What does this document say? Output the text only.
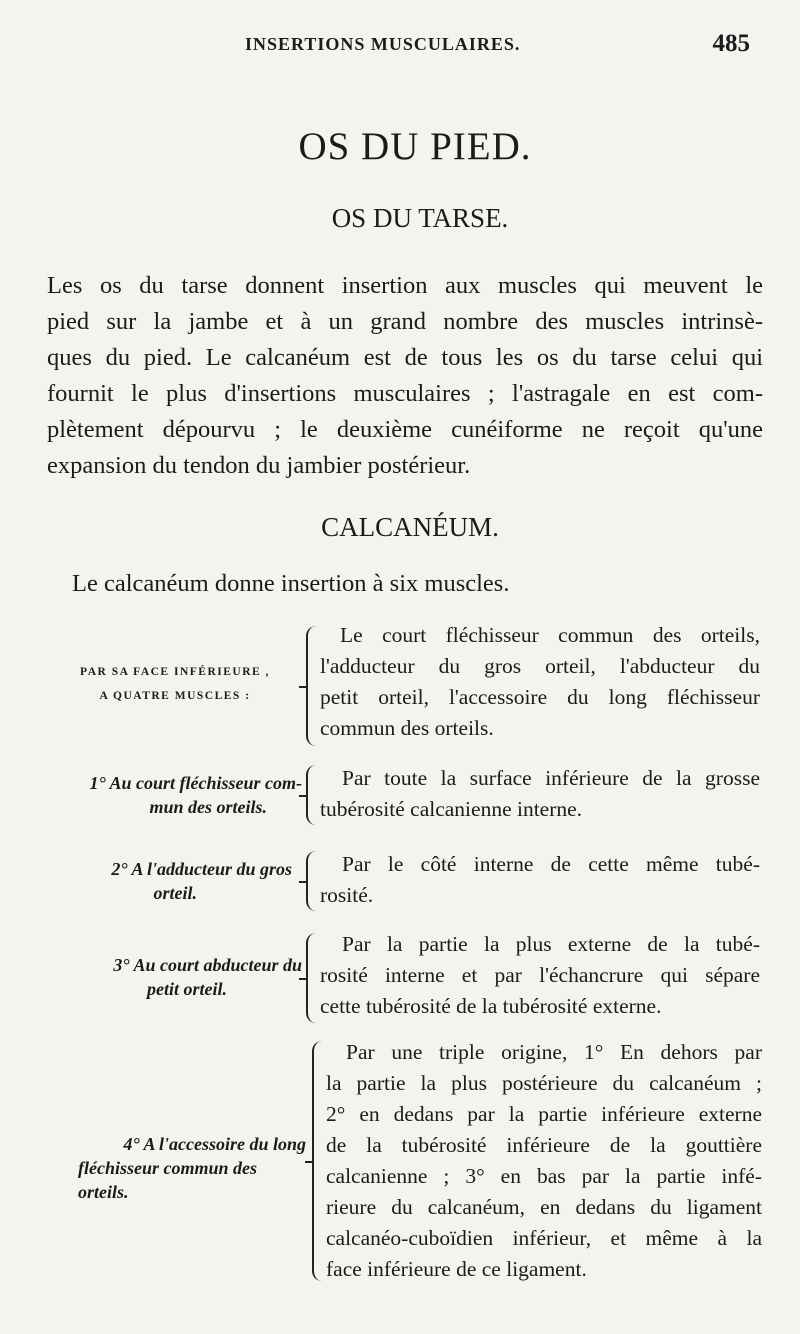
INSERTIONS MUSCULAIRES.	485
OS DU PIED.
OS DU TARSE.
Les os du tarse donnent insertion aux muscles qui meuvent le
pied sur la jambe et à un grand nombre des muscles intrinsè-
ques du pied. Le calcanéum est de tous les os du tarse celui qui
fournit le plus d'insertions musculaires ; l'astragale en est com-
plètement dépourvu ; le deuxième cunéiforme ne reçoit qu'une
expansion du tendon du jambier postérieur.
CALCANÉUM.
Le calcanéum donne insertion à six muscles.
PAR SA FACE INFÉRIEURE ,
A QUATRE MUSCLES :
Le court fléchisseur commun des orteils,
l'adducteur du gros orteil, l'abducteur du
petit orteil, l'accessoire du long fléchisseur
commun des orteils.
1° Au court fléchisseur com-
mun des orteils.
Par toute la surface inférieure de la grosse
tubérosité calcanienne interne.
2° A l'adducteur du gros
orteil.
Par le côté interne de cette même tubé-
rosité.
3° Au court abducteur du
petit orteil.
Par la partie la plus externe de la tubé-
rosité interne et par l'échancrure qui sépare
cette tubérosité de la tubérosité externe.
4° A l'accessoire du long
fléchisseur commun des
orteils.
Par une triple origine, 1° En dehors par
la partie la plus postérieure du calcanéum ;
2° en dedans par la partie inférieure externe
de la tubérosité inférieure de la gouttière
calcanienne ; 3° en bas par la partie infé-
rieure du calcanéum, en dedans du ligament
calcanéo-cuboïdien inférieur, et même à la
face inférieure de ce ligament.
